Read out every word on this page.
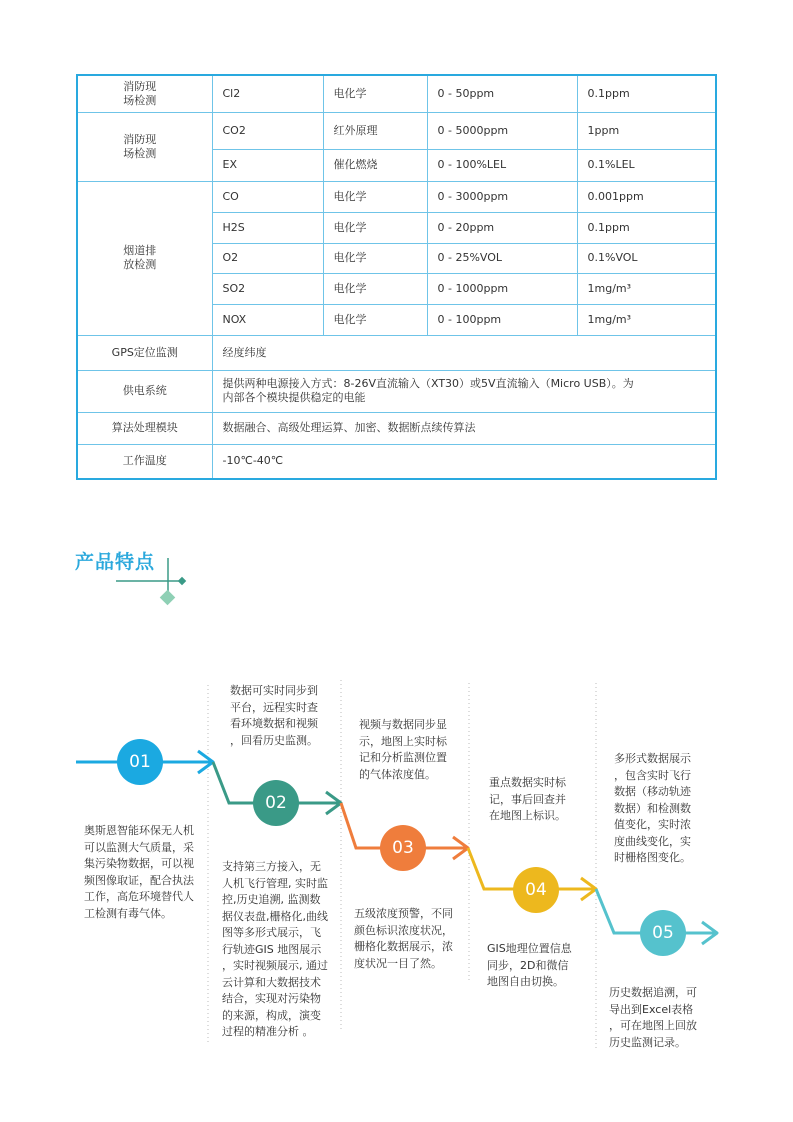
消防现
场检测	Cl2	电化学	0 - 50ppm	0.1ppm
消防现
场检测	CO2	红外原理	0 - 5000ppm	1ppm
	EX	催化燃烧	0 - 100%LEL	0.1%LEL
烟道排
放检测	CO	电化学	0 - 3000ppm	0.001ppm
	H2S	电化学	0 - 20ppm	0.1ppm
	O2	电化学	0 - 25%VOL	0.1%VOL
	SO2	电化学	0 - 1000ppm	1mg/m³
	NOX	电化学	0 - 100ppm	1mg/m³
GPS定位监测	经度纬度			
供电系统	提供两种电源接入方式：8-26V直流输入（XT30）或5V直流输入（Micro USB）。为
内部各个模块提供稳定的电能			
算法处理模块	数据融合、高级处理运算、加密、数据断点续传算法			
工作温度	-10℃-40℃			
产品特点
01
02
03
04
05
奥斯恩智能环保无人机
可以监测大气质量，采
集污染物数据，可以视
频图像取证，配合执法
工作，高危环境替代人
工检测有毒气体。
数据可实时同步到
平台，远程实时查
看环境数据和视频
，回看历史监测。
支持第三方接入，无
人机飞行管理, 实时监
控,历史追溯, 监测数
据仪表盘,栅格化,曲线
图等多形式展示，飞
行轨迹GIS 地图展示
，实时视频展示, 通过
云计算和大数据技术
结合，实现对污染物
的来源，构成，演变
过程的精准分析 。
视频与数据同步显
示，地图上实时标
记和分析监测位置
的气体浓度值。
五级浓度预警，不同
颜色标识浓度状况，
栅格化数据展示，浓
度状况一目了然。
重点数据实时标
记，事后回查并
在地图上标识。
GIS地理位置信息
同步，2D和微信
地图自由切换。
多形式数据展示
，包含实时飞行
数据（移动轨迹
数据）和检测数
值变化，实时浓
度曲线变化，实
时栅格图变化。
历史数据追溯，可
导出到Excel表格
，可在地图上回放
历史监测记录。
